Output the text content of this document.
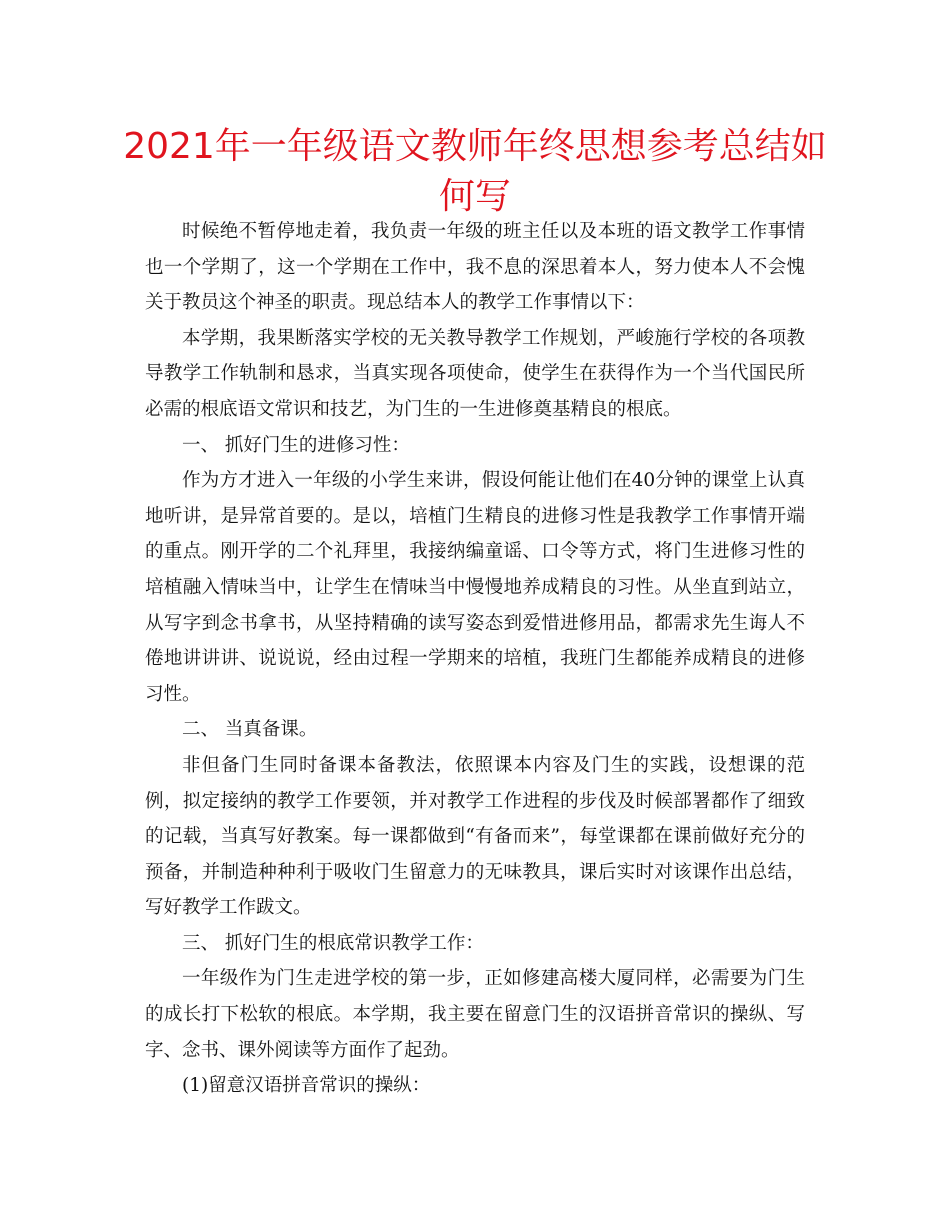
2021年一年级语文教师年终思想参考总结如何写

时候绝不暂停地走着，我负责一年级的班主任以及本班的语文教学工作事情也一个学期了，这一个学期在工作中，我不息的深思着本人，努力使本人不会愧关于教员这个神圣的职责。现总结本人的教学工作事情以下：

本学期，我果断落实学校的无关教导教学工作规划，严峻施行学校的各项教导教学工作轨制和恳求，当真实现各项使命，使学生在获得作为一个当代国民所必需的根底语文常识和技艺，为门生的一生进修奠基精良的根底。

一、 抓好门生的进修习性：

作为方才进入一年级的小学生来讲，假设何能让他们在40分钟的课堂上认真地听讲，是异常首要的。是以，培植门生精良的进修习性是我教学工作事情开端的重点。刚开学的二个礼拜里，我接纳编童谣、口令等方式，将门生进修习性的培植融入情味当中，让学生在情味当中慢慢地养成精良的习性。从坐直到站立，从写字到念书拿书，从坚持精确的读写姿态到爱惜进修用品，都需求先生诲人不倦地讲讲讲、说说说，经由过程一学期来的培植，我班门生都能养成精良的进修习性。

二、 当真备课。

非但备门生同时备课本备教法，依照课本内容及门生的实践，设想课的范例，拟定接纳的教学工作要领，并对教学工作进程的步伐及时候部署都作了细致的记载，当真写好教案。每一课都做到“有备而来”，每堂课都在课前做好充分的预备，并制造种种利于吸收门生留意力的无味教具，课后实时对该课作出总结，写好教学工作跋文。

三、 抓好门生的根底常识教学工作：

一年级作为门生走进学校的第一步，正如修建高楼大厦同样，必需要为门生的成长打下松软的根底。本学期，我主要在留意门生的汉语拼音常识的操纵、写字、念书、课外阅读等方面作了起劲。

(1)留意汉语拼音常识的操纵：
